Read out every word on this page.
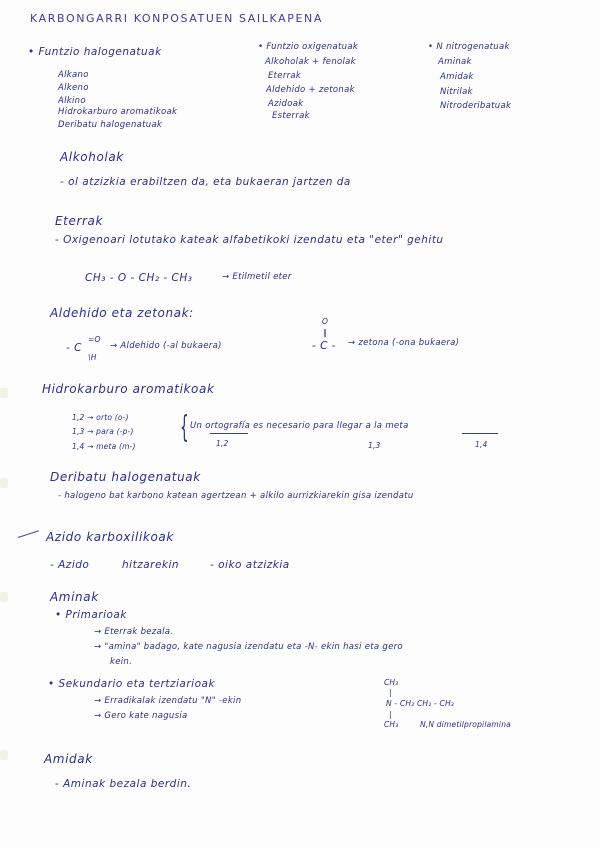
KARBONGARRI KONPOSATUEN SAILKAPENA
• Funtzio halogenatuak
Alkano
Alkeno
Alkino
Hidrokarburo aromatikoak
Deribatu halogenatuak
• Funtzio oxigenatuak
Alkoholak + fenolak
Eterrak
Aldehido + zetonak
Azidoak
Esterrak
• N nitrogenatuak
Aminak
Amidak
Nitrilak
Nitroderibatuak
Alkoholak
- ol atzizkia erabiltzen da, eta bukaeran jartzen da
Eterrak
- Oxigenoari lotutako kateak alfabetikoki izendatu eta "eter" gehitu
CH₃ - O - CH₂ - CH₃	→ Etilmetil eter
Aldehido eta zetonak:
- C
=O
\H
→ Aldehido (-al bukaera)
O
‖
- C - → zetona (-ona bukaera)
Hidrokarburo aromatikoak
1,2 → orto (o-)
1,3 → para (-p-)
1,4 → meta (m-)
{ Un ortografía es necesario para llegar a la meta
1,2	1,3	1,4
Deribatu halogenatuak
- halogeno bat karbono katean agertzean + alkilo aurrizkiarekin gisa izendatu
Azido karboxilikoak
- Azido	hitzarekin	- oiko atzizkia
Aminak
• Primarioak
→ Eterrak bezala.
→ "amina" badago, kate nagusia izendatu eta -N- ekin hasi eta gero
kein.
• Sekundario eta tertziarioak
→ Erradikalak izendatu "N" -ekin
→ Gero kate nagusia
CH₃
|
N - CH₂ CH₂ - CH₃
|
CH₃	N,N dimetilpropilamina
Amidak
- Aminak bezala berdin.
